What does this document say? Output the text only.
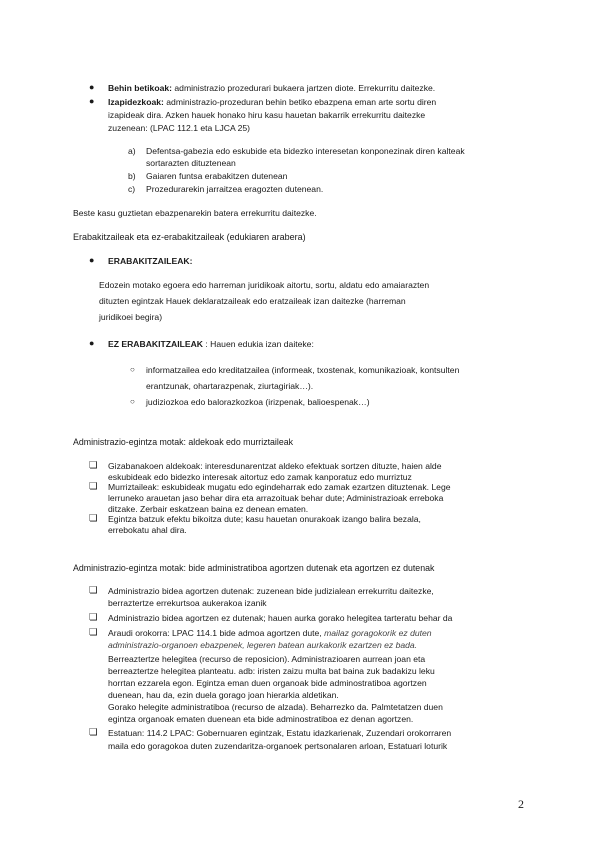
● Behin betikoak: administrazio prozedurari bukaera jartzen diote. Errekurritu daitezke.
● Izapidezkoak: administrazio-prozeduran behin betiko ebazpena eman arte sortu diren
izapideak dira. Azken hauek honako hiru kasu hauetan bakarrik errekurritu daitezke
zuzenean: (LPAC 112.1 eta LJCA 25)
a) Defentsa-gabezia edo eskubide eta bidezko interesetan konponezinak diren kalteak
sortarazten dituztenean
b) Gaiaren funtsa erabakitzen dutenean
c) Prozedurarekin jarraitzea eragozten dutenean.
Beste kasu guztietan ebazpenarekin batera errekurritu daitezke.
Erabakitzaileak eta ez-erabakitzaileak (edukiaren arabera)
● ERABAKITZAILEAK:
Edozein motako egoera edo harreman juridikoak aitortu, sortu, aldatu edo amaiarazten
dituzten egintzak Hauek deklaratzaileak edo eratzaileak izan daitezke (harreman
juridikoei begira)
● EZ ERABAKITZAILEAK : Hauen edukia izan daiteke:
○ informatzailea edo kreditatzailea (informeak, txostenak, komunikazioak, kontsulten
erantzunak, ohartarazpenak, ziurtagiriak…).
○ judiziozkoa edo balorazkozkoa (irizpenak, balioespenak…)
Administrazio-egintza motak: aldekoak edo murriztaileak
❏ Gizabanakoen aldekoak: interesdunarentzat aldeko efektuak sortzen dituzte, haien alde
eskubideak edo bidezko interesak aitortuz edo zamak kanporatuz edo murriztuz
❏ Murriztaileak: eskubideak mugatu edo egindeharrak edo zamak ezartzen dituztenak. Lege
lerruneko arauetan jaso behar dira eta arrazoituak behar dute; Administrazioak erreboka
ditzake. Zerbair eskatzean baina ez denean ematen.
❏ Egintza batzuk efektu bikoitza dute; kasu hauetan onurakoak izango balira bezala,
errebokatu ahal dira.
Administrazio-egintza motak: bide administratiboa agortzen dutenak eta agortzen ez dutenak
❏ Administrazio bidea agortzen dutenak: zuzenean bide judizialean errekurritu daitezke,
berraztertze errekurtsoa aukerakoa izanik
❏ Administrazio bidea agortzen ez dutenak; hauen aurka gorako helegitea tarteratu behar da
❏ Araudi orokorra: LPAC 114.1 bide admoa agortzen dute, mailaz goragokorik ez duten
administrazio-organoen ebazpenek, legeren batean aurkakorik ezartzen ez bada.
Berreaztertze helegitea (recurso de reposicion). Administrazioaren aurrean joan eta
berreaztertze helegitea planteatu. adb: iristen zaizu multa bat baina zuk badakizu leku
horrtan ezzarela egon. Egintza eman duen organoak bide adminostratiboa agortzen
duenean, hau da, ezin duela gorago joan hierarkia aldetikan.
Gorako helegite administratiboa (recurso de alzada). Beharrezko da. Palmtetatzen duen
egintza organoak ematen duenean eta bide adminostratiboa ez denan agortzen.
❏ Estatuan: 114.2 LPAC: Gobernuaren egintzak, Estatu idazkarienak, Zuzendari orokorraren
maila edo goragokoa duten zuzendaritza-organoek pertsonalaren arloan, Estatuari loturik
2
